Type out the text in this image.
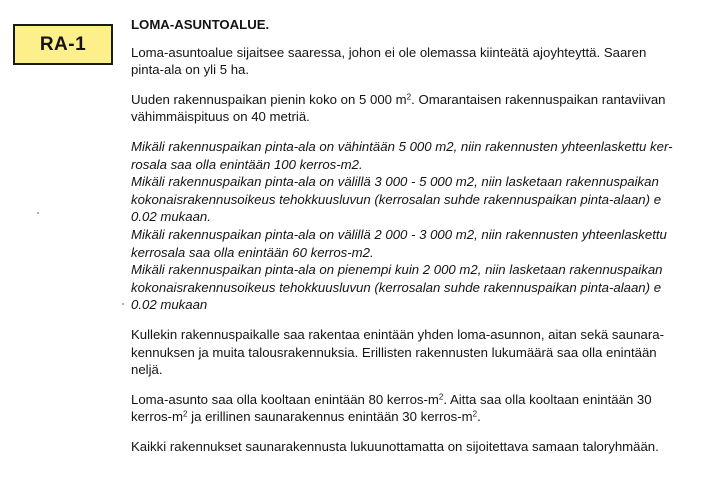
RA-1
LOMA-ASUNTOALUE.
Loma-asuntoalue sijaitsee saaressa, johon ei ole olemassa kiinteätä ajoyhteyttä. Saaren
pinta-ala on yli 5 ha.
Uuden rakennuspaikan pienin koko on 5 000 $m^2$. Omarantaisen rakennuspaikan rantaviivan
vähimmäispituus on 40 metriä.
Mikäli rakennuspaikan pinta-ala on vähintään 5 000 m2, niin rakennusten yhteenlaskettu ker-
rosala saa olla enintään 100 kerros-m2.
Mikäli rakennuspaikan pinta-ala on välillä 3 000 - 5 000 m2, niin lasketaan rakennuspaikan
kokonaisrakennusoikeus tehokkuusluvun (kerrosalan suhde rakennuspaikan pinta-alaan) e
0.02 mukaan.
Mikäli rakennuspaikan pinta-ala on välillä 2 000 - 3 000 m2, niin rakennusten yhteenlaskettu
kerrosala saa olla enintään 60 kerros-m2.
Mikäli rakennuspaikan pinta-ala on pienempi kuin 2 000 m2, niin lasketaan rakennuspaikan
kokonaisrakennusoikeus tehokkuusluvun (kerrosalan suhde rakennuspaikan pinta-alaan) e
0.02 mukaan
Kullekin rakennuspaikalle saa rakentaa enintään yhden loma-asunnon, aitan sekä saunara-
kennuksen ja muita talousrakennuksia. Erillisten rakennusten lukumäärä saa olla enintään
neljä.
Loma-asunto saa olla kooltaan enintään 80 kerros-$m^2$. Aitta saa olla kooltaan enintään 30
kerros-$m^2$ ja erillinen saunarakennus enintään 30 kerros-$m^2$.
Kaikki rakennukset saunarakennusta lukuunottamatta on sijoitettava samaan taloryhmään.
